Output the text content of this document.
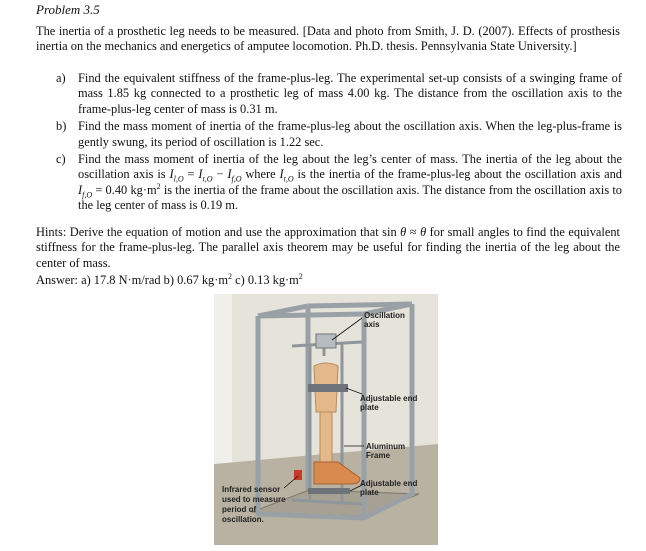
Problem 3.5
The inertia of a prosthetic leg needs to be measured. [Data and photo from Smith, J. D. (2007). Effects of prosthesis inertia on the mechanics and energetics of amputee locomotion. Ph.D. thesis. Pennsylvania State University.]
a) Find the equivalent stiffness of the frame-plus-leg. The experimental set-up consists of a swinging frame of mass 1.85 kg connected to a prosthetic leg of mass 4.00 kg. The distance from the oscillation axis to the frame-plus-leg center of mass is 0.31 m.
b) Find the mass moment of inertia of the frame-plus-leg about the oscillation axis. When the leg-plus-frame is gently swung, its period of oscillation is 1.22 sec.
c) Find the mass moment of inertia of the leg about the leg’s center of mass. The inertia of the leg about the oscillation axis is $I_{l,O} = I_{t,O} - I_{f,O}$ where $I_{t,O}$ is the inertia of the frame-plus-leg about the oscillation axis and $I_{f,O} = 0.40$ $kg\cdot m^2$ is the inertia of the frame about the oscillation axis. The distance from the oscillation axis to the leg center of mass is 0.19 m.
Hints: Derive the equation of motion and use the approximation that sin θ ≈ θ for small angles to find the equivalent stiffness for the frame-plus-leg. The parallel axis theorem may be useful for finding the inertia of the leg about the center of mass.
Answer: a) 17.8 N·m/rad b) 0.67 $kg\cdot m^2$ c) 0.13 $kg\cdot m^2$
Oscillation
axis
Adjustable end
plate
Aluminum
Frame
Adjustable end
plate
Infrared sensor
used to measure
period of
oscillation.
